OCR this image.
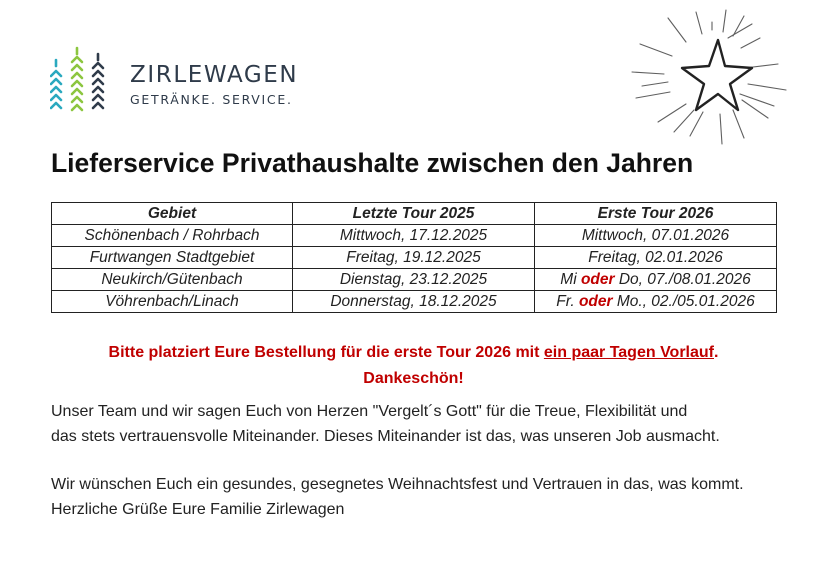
ZIRLEWAGEN
GETRÄNKE. SERVICE.
Lieferservice Privathaushalte zwischen den Jahren
Gebiet	Letzte Tour 2025	Erste Tour 2026
Schönenbach / Rohrbach	Mittwoch, 17.12.2025	Mittwoch, 07.01.2026
Furtwangen Stadtgebiet	Freitag, 19.12.2025	Freitag, 02.01.2026
Neukirch/Gütenbach	Dienstag, 23.12.2025	Mi oder Do, 07./08.01.2026
Vöhrenbach/Linach	Donnerstag, 18.12.2025	Fr. oder Mo., 02./05.01.2026
Bitte platziert Eure Bestellung für die erste Tour 2026 mit ein paar Tagen Vorlauf.
Dankeschön!

Unser Team und wir sagen Euch von Herzen "Vergelt´s Gott" für die Treue, Flexibilität und
das stets vertrauensvolle Miteinander. Dieses Miteinander ist das, was unseren Job ausmacht.

Wir wünschen Euch ein gesundes, gesegnetes Weihnachtsfest und Vertrauen in das, was kommt.
Herzliche Grüße Eure Familie Zirlewagen
